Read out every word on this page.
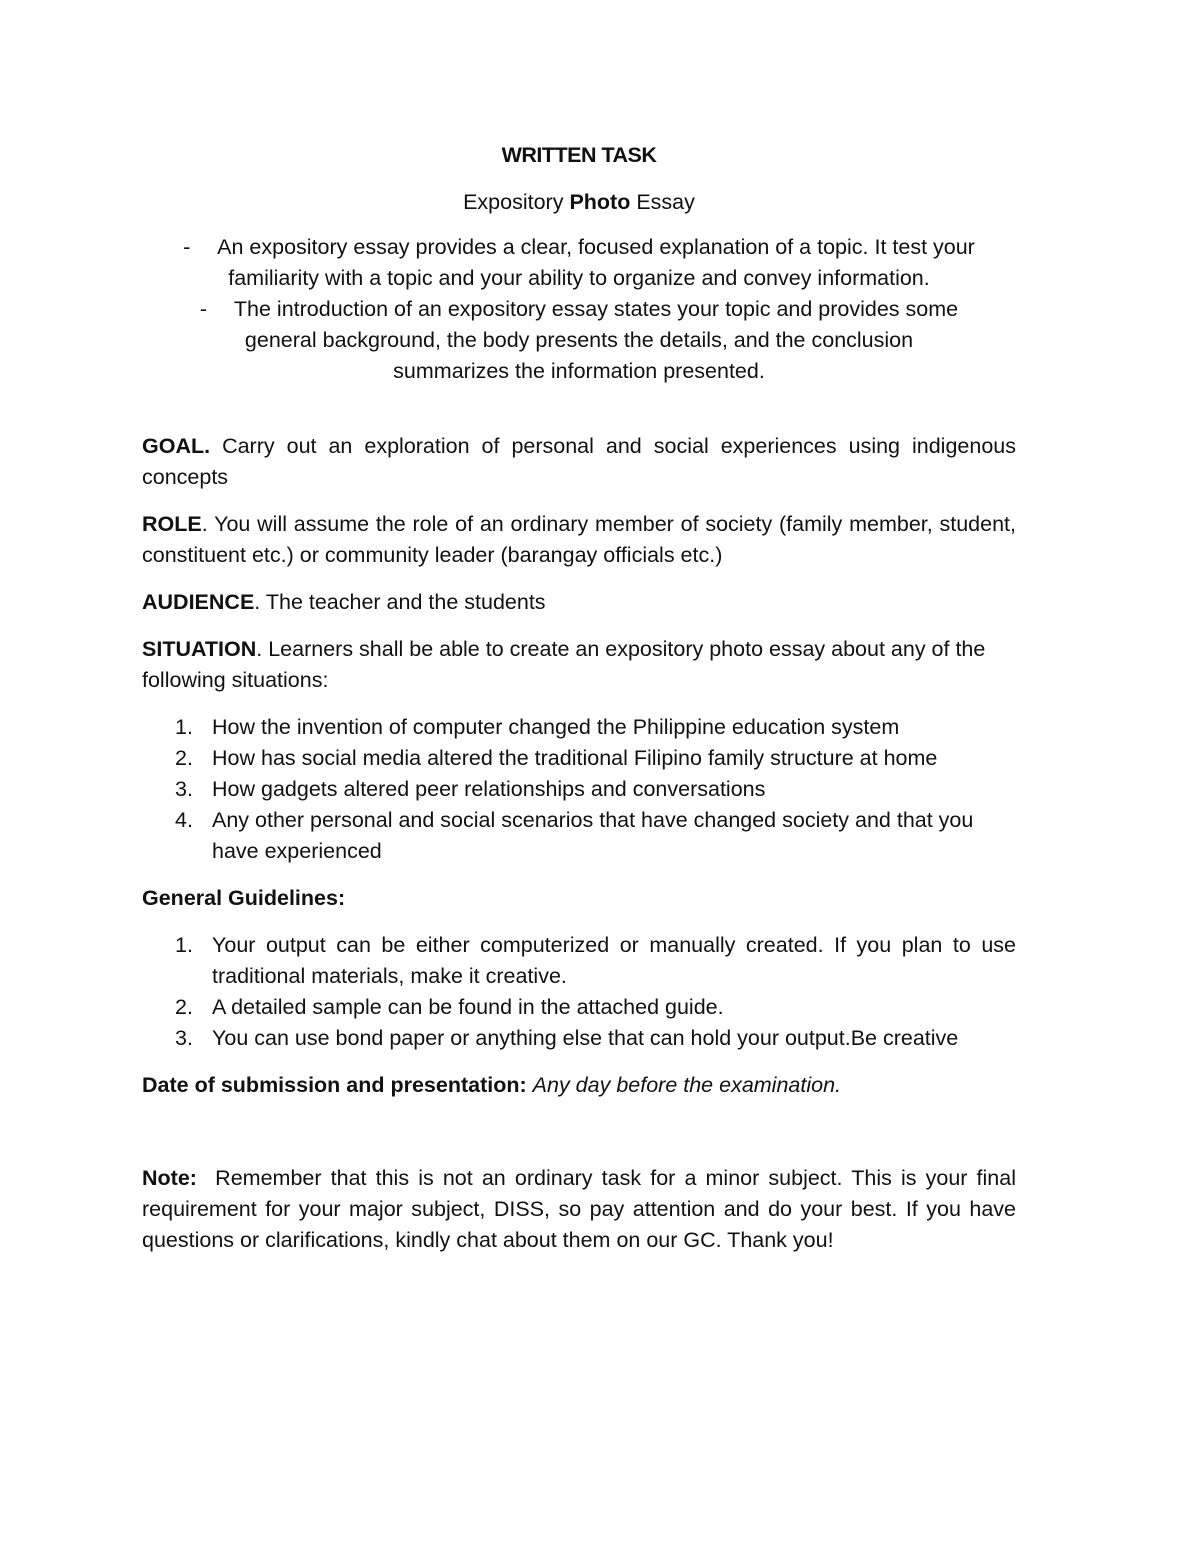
WRITTEN TASK

Expository Photo Essay

- An expository essay provides a clear, focused explanation of a topic. It test your
familiarity with a topic and your ability to organize and convey information.
- The introduction of an expository essay states your topic and provides some
general background, the body presents the details, and the conclusion
summarizes the information presented.

GOAL. Carry out an exploration of personal and social experiences using indigenous concepts

ROLE. You will assume the role of an ordinary member of society (family member, student, constituent etc.) or community leader (barangay officials etc.)

AUDIENCE. The teacher and the students

SITUATION. Learners shall be able to create an expository photo essay about any of the following situations:

1. How the invention of computer changed the Philippine education system
2. How has social media altered the traditional Filipino family structure at home
3. How gadgets altered peer relationships and conversations
4. Any other personal and social scenarios that have changed society and that you have experienced

General Guidelines:

1. Your output can be either computerized or manually created. If you plan to use traditional materials, make it creative.
2. A detailed sample can be found in the attached guide.
3. You can use bond paper or anything else that can hold your output.Be creative

Date of submission and presentation: Any day before the examination.

Note:  Remember that this is not an ordinary task for a minor subject. This is your final requirement for your major subject, DISS, so pay attention and do your best. If you have questions or clarifications, kindly chat about them on our GC. Thank you!
